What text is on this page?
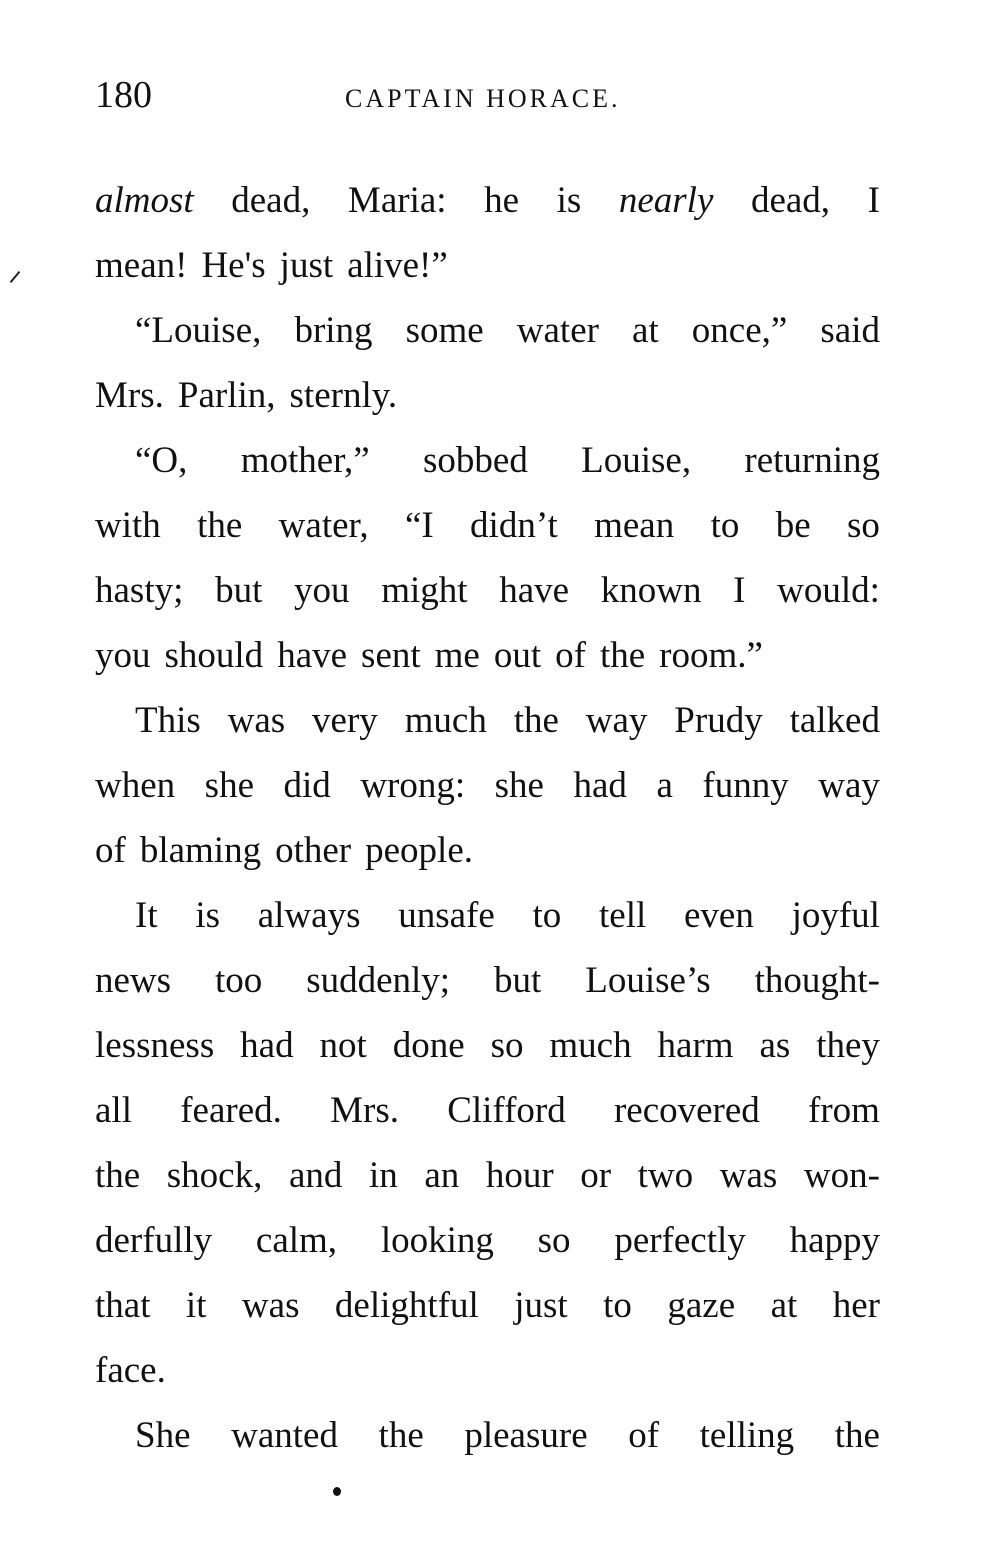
180	CAPTAIN HORACE.
almost dead, Maria: he is nearly dead, I
mean! He's just alive!”
“Louise, bring some water at once,” said
Mrs. Parlin, sternly.
“O, mother,” sobbed Louise, returning
with the water, “I didn’t mean to be so
hasty; but you might have known I would:
you should have sent me out of the room.”
This was very much the way Prudy talked
when she did wrong: she had a funny way
of blaming other people.
It is always unsafe to tell even joyful
news too suddenly; but Louise’s thought-
lessness had not done so much harm as they
all feared. Mrs. Clifford recovered from
the shock, and in an hour or two was won-
derfully calm, looking so perfectly happy
that it was delightful just to gaze at her
face.
She wanted the pleasure of telling the
